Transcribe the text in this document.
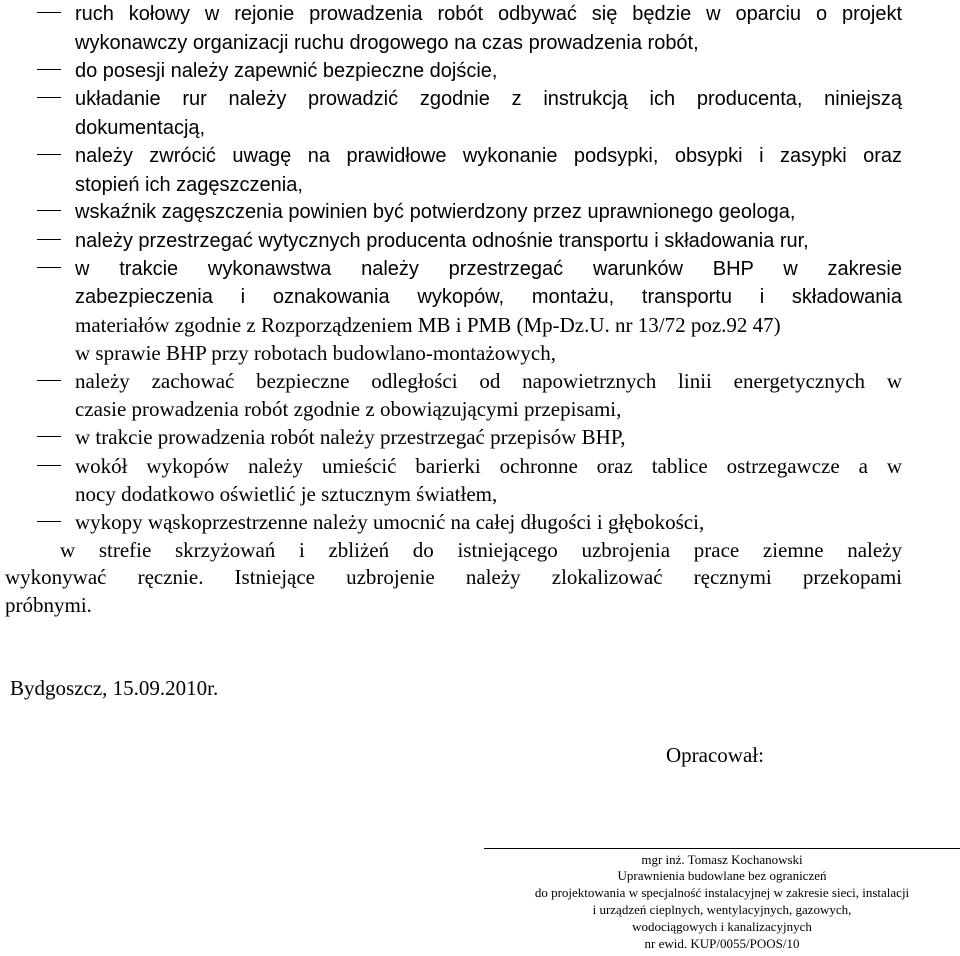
ruch kołowy w rejonie prowadzenia robót odbywać się będzie w oparciu o projekt
wykonawczy organizacji ruchu drogowego na czas prowadzenia robót,
do posesji należy zapewnić bezpieczne dojście,
układanie rur należy prowadzić zgodnie z instrukcją ich producenta, niniejszą
dokumentacją,
należy zwrócić uwagę na prawidłowe wykonanie podsypki, obsypki i zasypki oraz
stopień ich zagęszczenia,
wskaźnik zagęszczenia powinien być potwierdzony przez uprawnionego geologa,
należy przestrzegać wytycznych producenta odnośnie transportu i składowania rur,
w trakcie wykonawstwa należy przestrzegać warunków BHP w zakresie
zabezpieczenia i oznakowania wykopów, montażu, transportu i składowania
materiałów zgodnie z Rozporządzeniem MB i PMB (Mp-Dz.U. nr 13/72 poz.92 47)
w sprawie BHP przy robotach budowlano-montażowych,
należy zachować bezpieczne odległości od napowietrznych linii energetycznych w
czasie prowadzenia robót zgodnie z obowiązującymi przepisami,
w trakcie prowadzenia robót należy przestrzegać przepisów BHP,
wokół wykopów należy umieścić barierki ochronne oraz tablice ostrzegawcze a w
nocy dodatkowo oświetlić je sztucznym światłem,
wykopy wąskoprzestrzenne należy umocnić na całej długości i głębokości,
w strefie skrzyżowań i zbliżeń do istniejącego uzbrojenia prace ziemne należy
wykonywać ręcznie. Istniejące uzbrojenie należy zlokalizować ręcznymi przekopami
próbnymi.
Bydgoszcz, 15.09.2010r.
Opracował:
mgr inż. Tomasz Kochanowski
Uprawnienia budowlane bez ograniczeń
do projektowania w specjalność instalacyjnej w zakresie sieci, instalacji
i urządzeń cieplnych, wentylacyjnych, gazowych,
wodociągowych i kanalizacyjnych
nr ewid. KUP/0055/POOS/10
